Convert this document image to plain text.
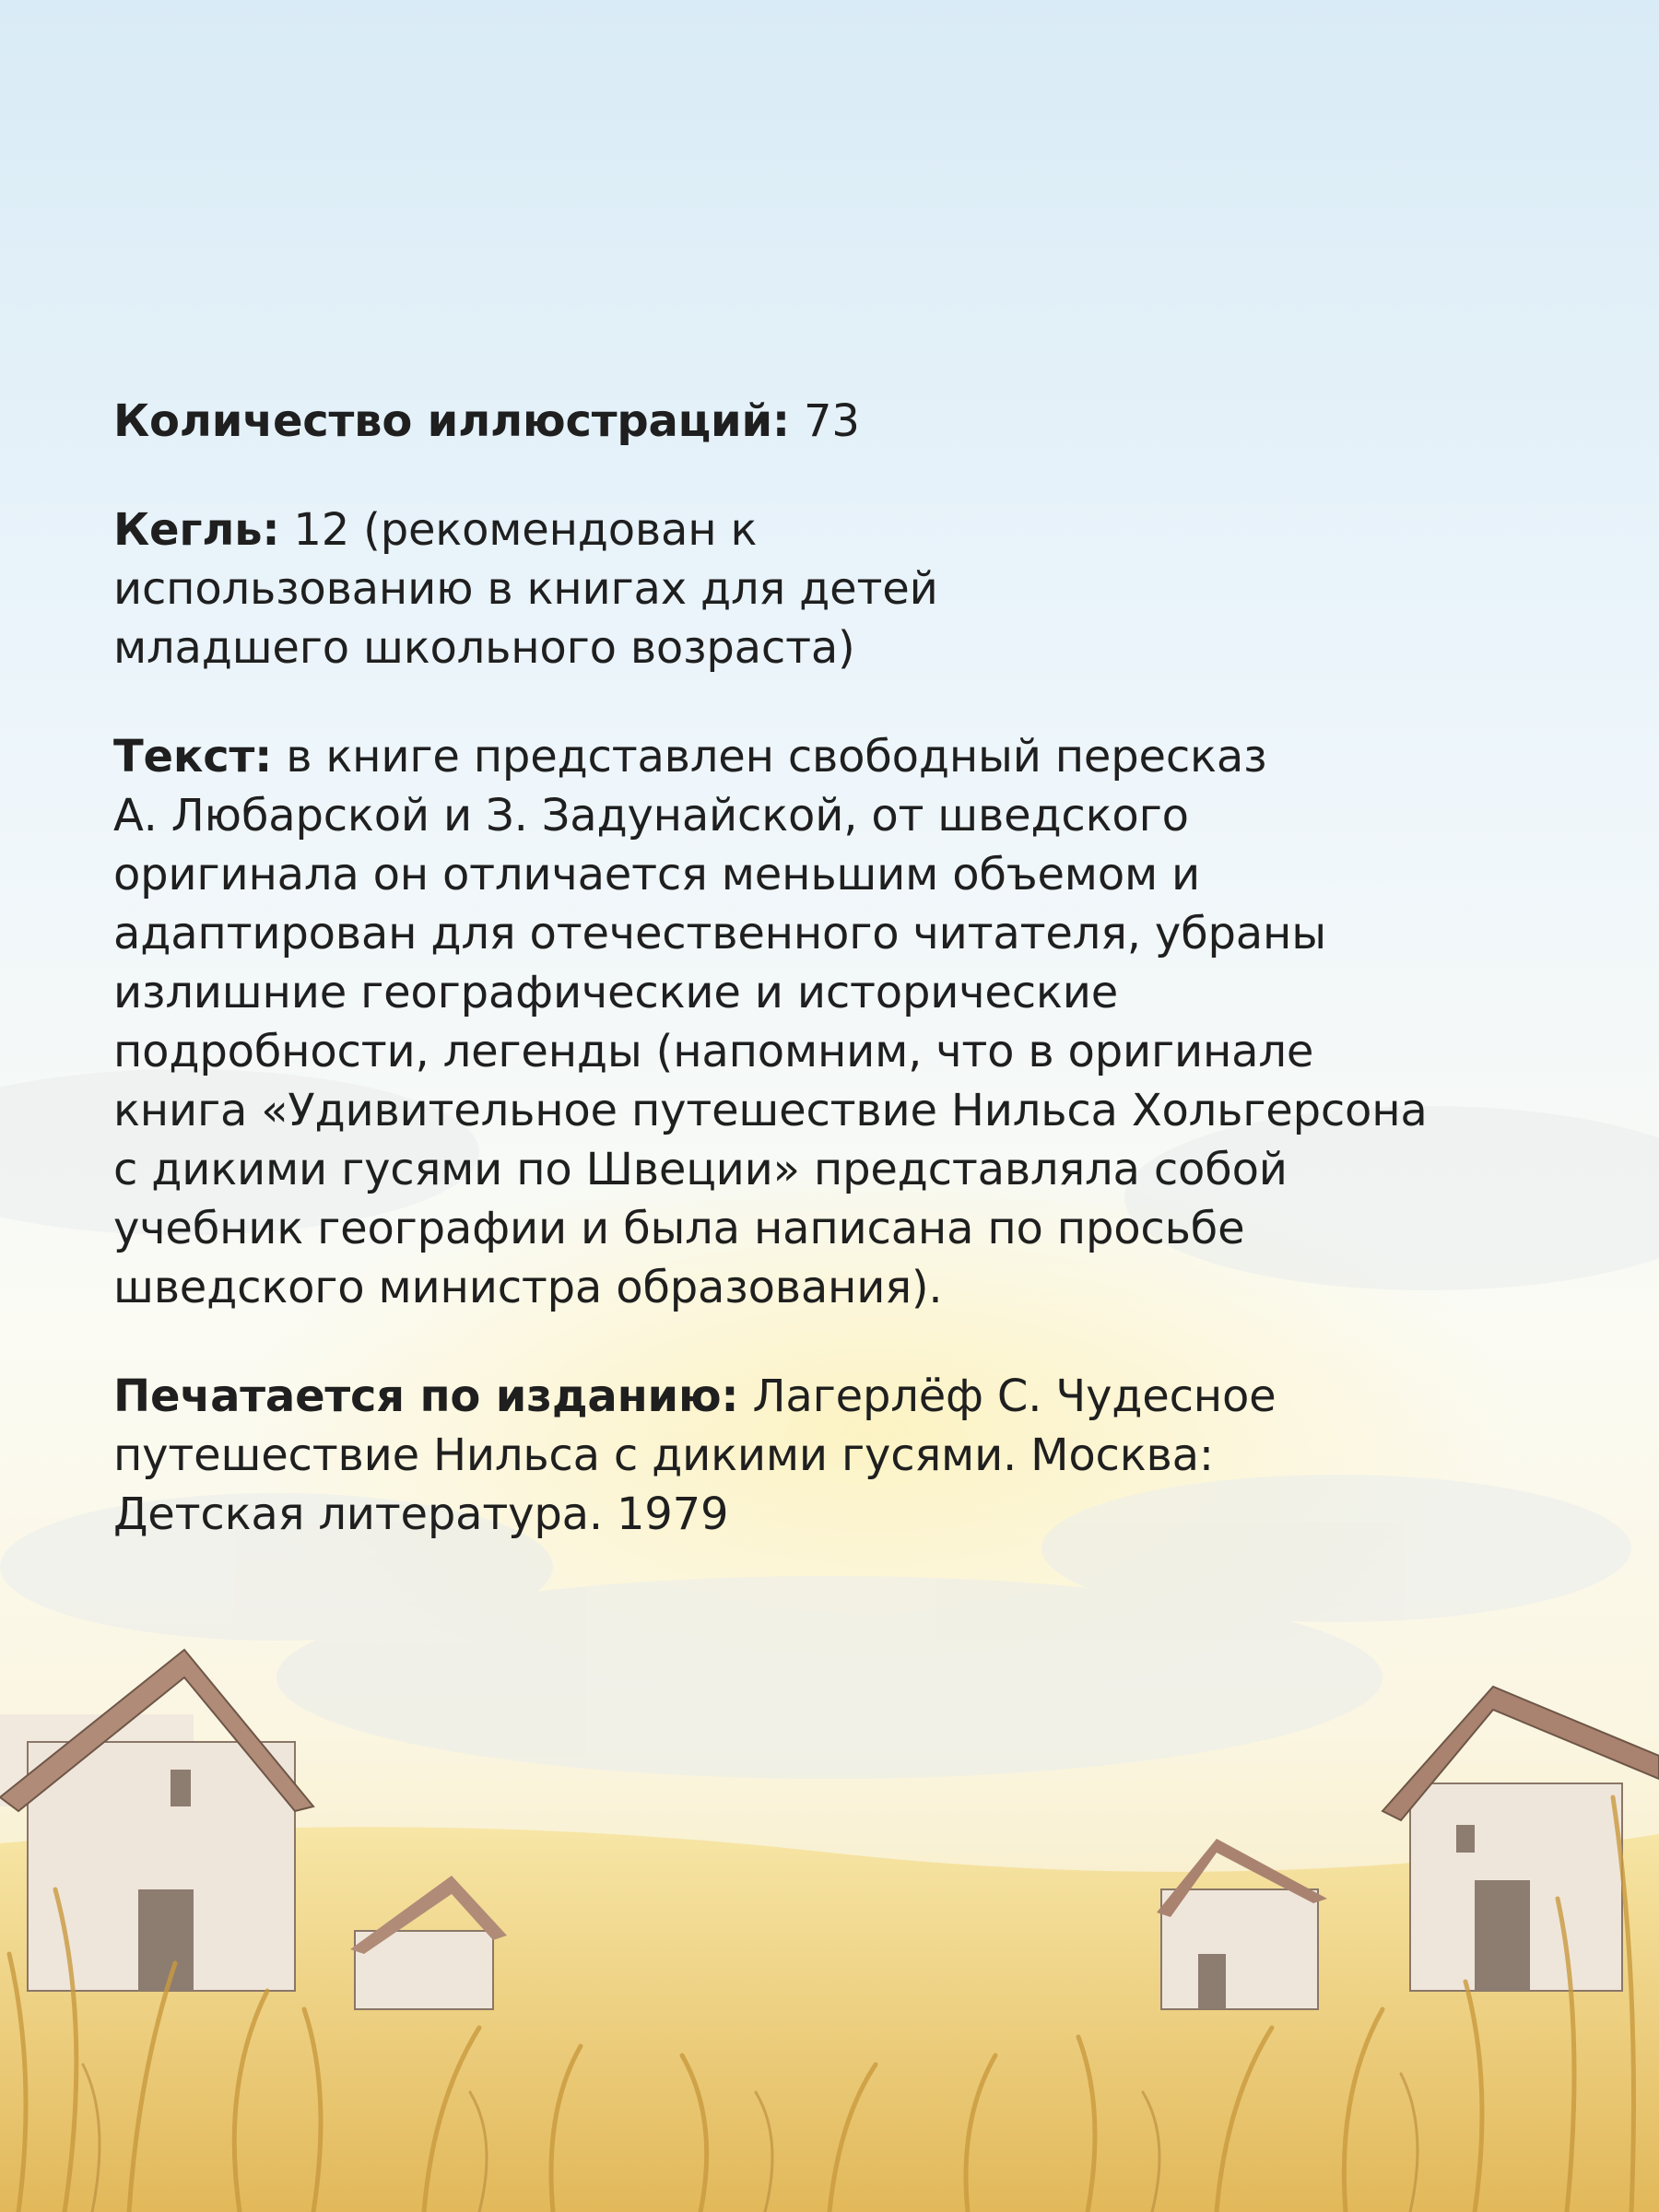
Количество иллюстраций: 73

Кегль: 12 (рекомендован к
использованию в книгах для детей
младшего школьного возраста)

Текст: в книге представлен свободный пересказ
А. Любарской и З. Задунайской, от шведского
оригинала он отличается меньшим объемом и
адаптирован для отечественного читателя, убраны
излишние географические и исторические
подробности, легенды (напомним, что в оригинале
книга «Удивительное путешествие Нильса Хольгерсона
с дикими гусями по Швеции» представляла собой
учебник географии и была написана по просьбе
шведского министра образования).

Печатается по изданию: Лагерлёф С. Чудесное
путешествие Нильса с дикими гусями. Москва:
Детская литература. 1979
